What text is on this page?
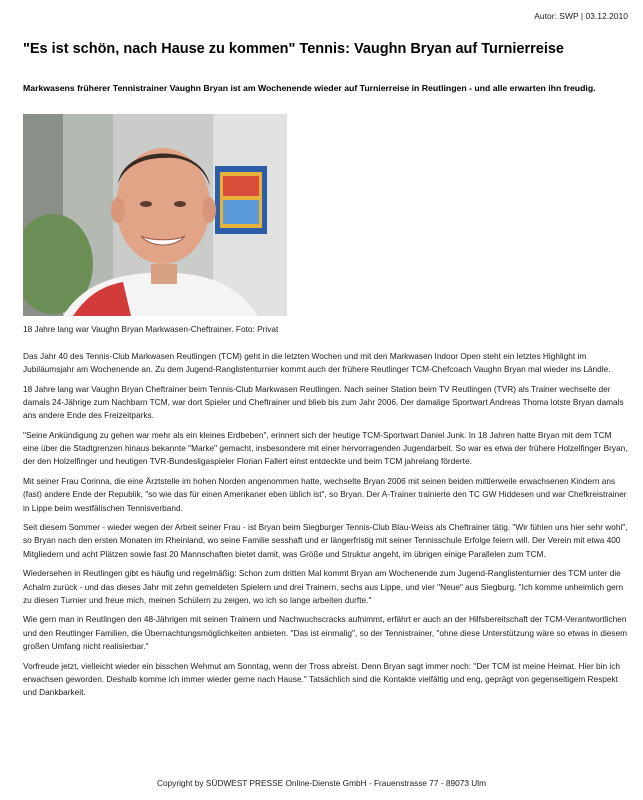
Autor: SWP | 03.12.2010
"Es ist schön, nach Hause zu kommen" Tennis: Vaughn Bryan auf Turnierreise
Markwasens früherer Tennistrainer Vaughn Bryan ist am Wochenende wieder auf Turnierreise in Reutlingen - und alle erwarten ihn freudig.
18 Jahre lang war Vaughn Bryan Markwasen-Cheftrainer. Foto: Privat

Das Jahr 40 des Tennis-Club Markwasen Reutlingen (TCM) geht in die letzten Wochen und mit den Markwasen Indoor Open steht ein letztes Highlight im Jubiläumsjahr am Wochenende an. Zu dem Jugend-Ranglistenturnier kommt auch der frühere Reutlinger TCM-Chefcoach Vaughn Bryan mal wieder ins Ländle.

18 Jahre lang war Vaughn Bryan Cheftrainer beim Tennis-Club Markwasen Reutlingen. Nach seiner Station beim TV Reutlingen (TVR) als Trainer wechselte der damals 24-Jährige zum Nachbarn TCM, war dort Spieler und Cheftrainer und blieb bis zum Jahr 2006. Der damalige Sportwart Andreas Thoma lotste Bryan damals ans andere Ende des Freizeitparks.

"Seine Ankündigung zu gehen war mehr als ein kleines Erdbeben", erinnert sich der heutige TCM-Sportwart Daniel Junk. In 18 Jahren hatte Bryan mit dem TCM eine über die Stadtgrenzen hinaus bekannte "Marke" gemacht, insbesondere mit einer hervorragenden Jugendarbeit. So war es etwa der frühere Holzelfinger Bryan, der den Holzelfinger und heutigen TVR-Bundesligaspieler Florian Fallert einst entdeckte und beim TCM jahrelang förderte.

Mit seiner Frau Corinna, die eine Ärztstelle im hohen Norden angenommen hatte, wechselte Bryan 2006 mit seinen beiden mittlerweile erwachsenen Kindern ans (fast) andere Ende der Republik, "so wie das für einen Amerikaner eben üblich ist", so Bryan. Der A-Trainer trainierte den TC GW Hiddesen und war Chefkreistrainer in Lippe beim westfälischen Tennisverband.

Seit diesem Sommer - wieder wegen der Arbeit seiner Frau - ist Bryan beim Siegburger Tennis-Club Blau-Weiss als Cheftrainer tätig. "Wir fühlen uns hier sehr wohl", so Bryan nach den ersten Monaten im Rheinland, wo seine Familie sesshaft und er längerfristig mit seiner Tennisschule Erfolge feiern will. Der Verein mit etwa 400 Mitgliedern und acht Plätzen sowie fast 20 Mannschaften bietet damit, was Größe und Struktur angeht, im übrigen einige Parallelen zum TCM.

Wiedersehen in Reutlingen gibt es häufig und regelmäßig: Schon zum dritten Mal kommt Bryan am Wochenende zum Jugend-Ranglistenturnier des TCM unter die Achalm zurück - und das dieses Jahr mit zehn gemeldeten Spielern und drei Trainern, sechs aus Lippe, und vier "Neue" aus Siegburg. "Ich komme unheimlich gern zu diesen Turnier und freue mich, meinen Schülern zu zeigen, wo ich so lange arbeiten durfte."

Wie gern man in Reutlingen den 48-Jährigen mit seinen Trainern und Nachwuchscracks aufnimmt, erfährt er auch an der Hilfsbereitschaft der TCM-Verantwortlichen und den Reutlinger Familien, die Übernachtungsmöglichkeiten anbieten. "Das ist einmalig", so der Tennistrainer, "ohne diese Unterstützung wäre so etwas in diesem großen Umfang nicht realisierbar."

Vorfreude jetzt, vielleicht wieder ein bisschen Wehmut am Sonntag, wenn der Tross abreist. Denn Bryan sagt immer noch: "Der TCM ist meine Heimat. Hier bin ich erwachsen geworden. Deshalb komme ich immer wieder gerne nach Hause." Tatsächlich sind die Kontakte vielfältig und eng, geprägt von gegenseitigem Respekt und Dankbarkeit.

Copyright by SÜDWEST PRESSE Online-Dienste GmbH - Frauenstrasse 77 - 89073 Ulm
